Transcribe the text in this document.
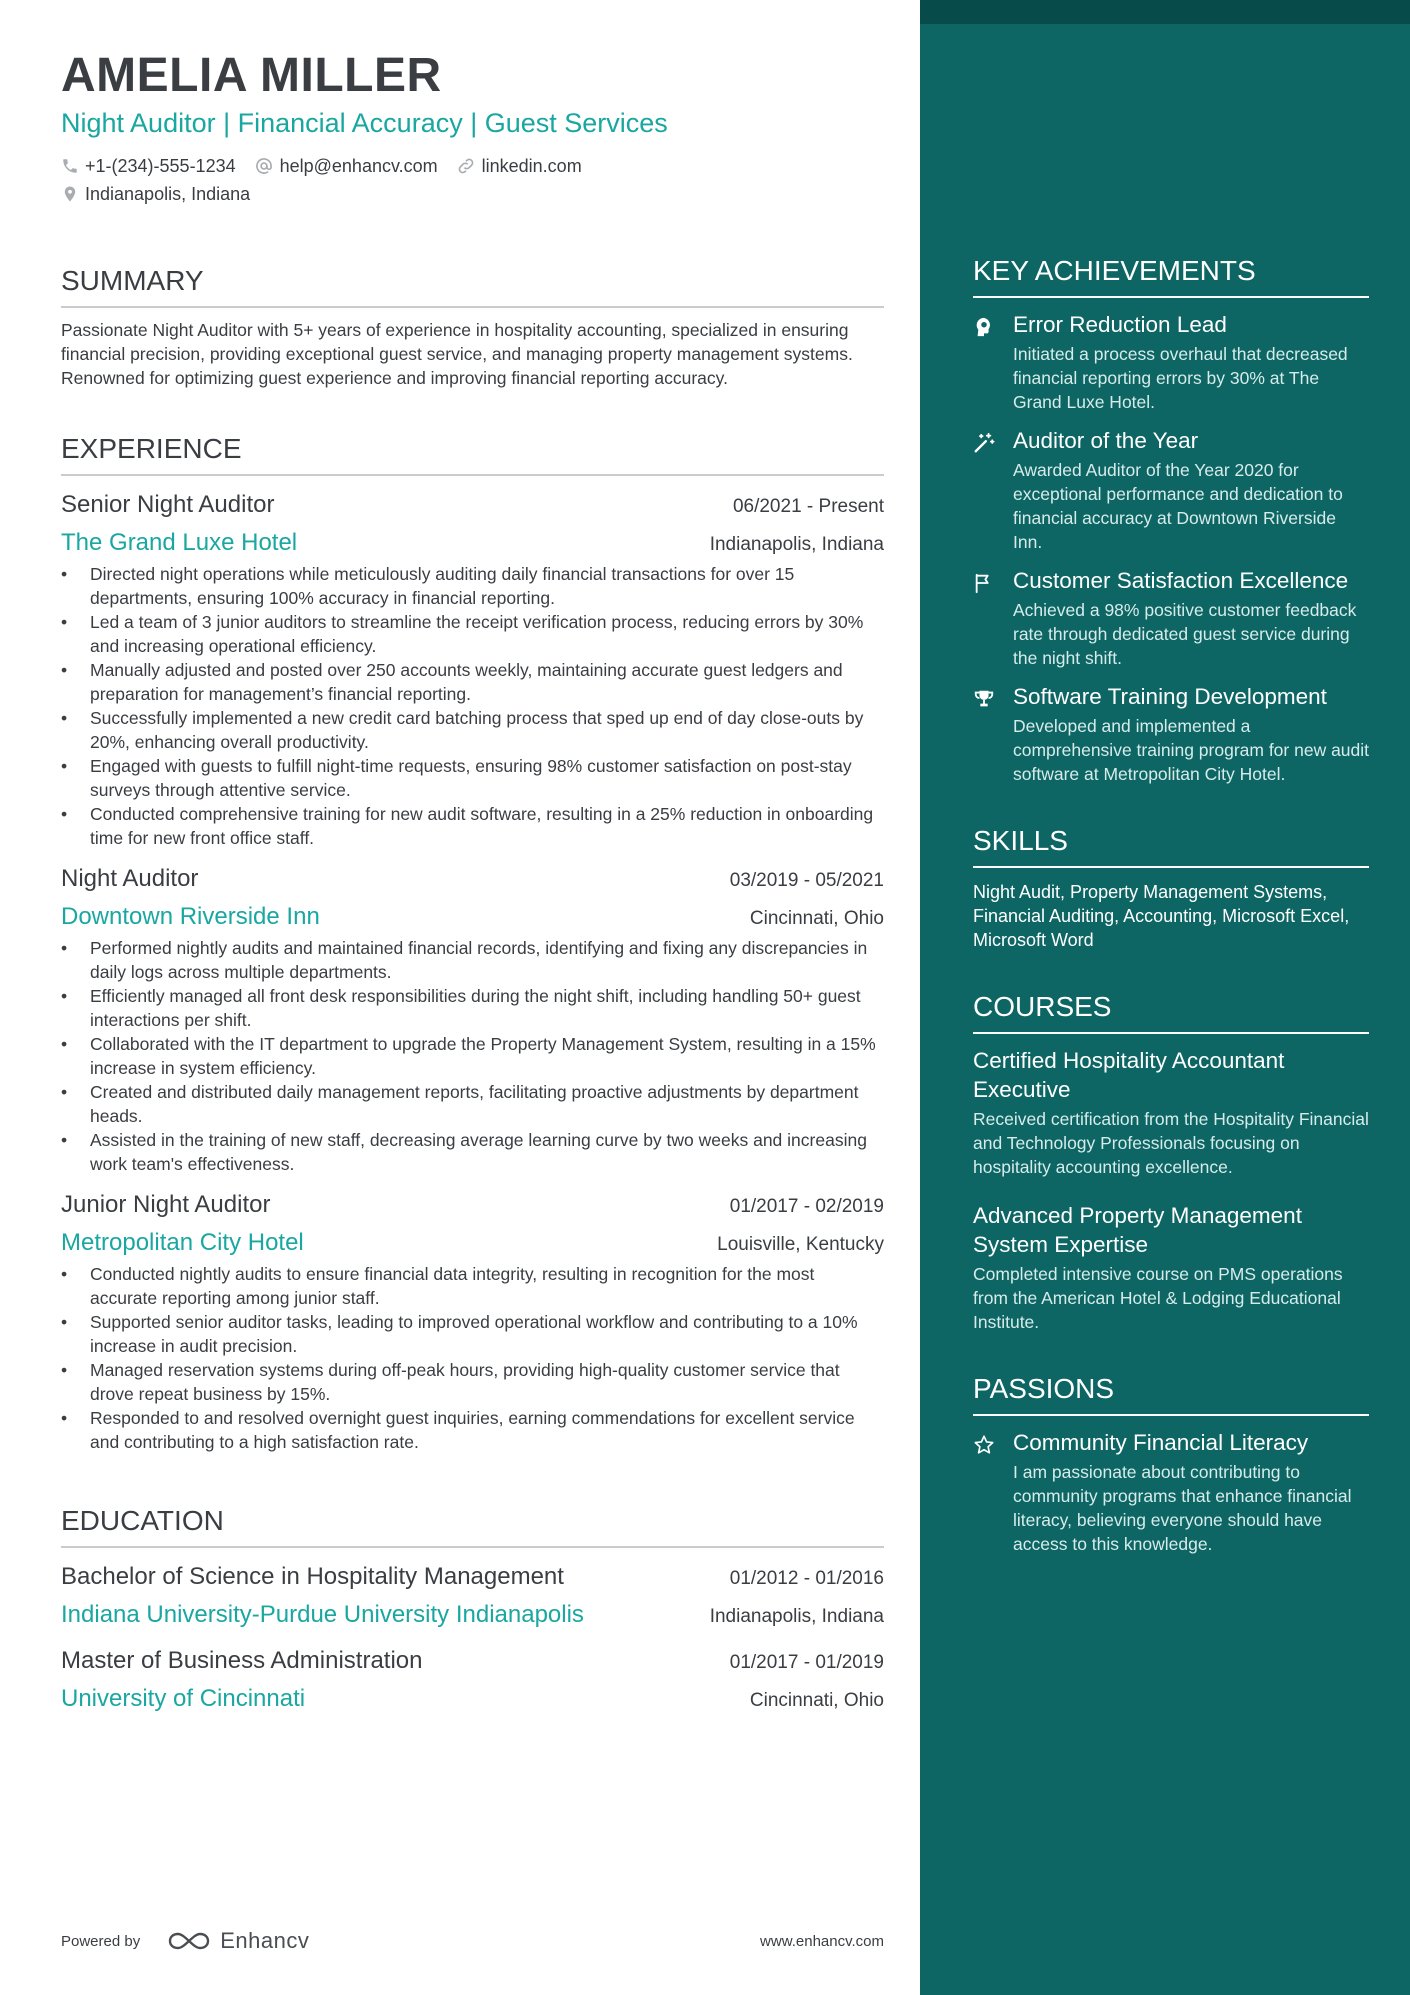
AMELIA MILLER
Night Auditor | Financial Accuracy | Guest Services
+1-(234)-555-1234 help@enhancv.com linkedin.com
Indianapolis, Indiana
SUMMARY
Passionate Night Auditor with 5+ years of experience in hospitality accounting, specialized in ensuring financial precision, providing exceptional guest service, and managing property management systems. Renowned for optimizing guest experience and improving financial reporting accuracy.
EXPERIENCE
Senior Night Auditor	06/2021 - Present
The Grand Luxe Hotel	Indianapolis, Indiana
• Directed night operations while meticulously auditing daily financial transactions for over 15 departments, ensuring 100% accuracy in financial reporting.
• Led a team of 3 junior auditors to streamline the receipt verification process, reducing errors by 30% and increasing operational efficiency.
• Manually adjusted and posted over 250 accounts weekly, maintaining accurate guest ledgers and preparation for management’s financial reporting.
• Successfully implemented a new credit card batching process that sped up end of day close-outs by 20%, enhancing overall productivity.
• Engaged with guests to fulfill night-time requests, ensuring 98% customer satisfaction on post-stay surveys through attentive service.
• Conducted comprehensive training for new audit software, resulting in a 25% reduction in onboarding time for new front office staff.
Night Auditor	03/2019 - 05/2021
Downtown Riverside Inn	Cincinnati, Ohio
• Performed nightly audits and maintained financial records, identifying and fixing any discrepancies in daily logs across multiple departments.
• Efficiently managed all front desk responsibilities during the night shift, including handling 50+ guest interactions per shift.
• Collaborated with the IT department to upgrade the Property Management System, resulting in a 15% increase in system efficiency.
• Created and distributed daily management reports, facilitating proactive adjustments by department heads.
• Assisted in the training of new staff, decreasing average learning curve by two weeks and increasing work team's effectiveness.
Junior Night Auditor	01/2017 - 02/2019
Metropolitan City Hotel	Louisville, Kentucky
• Conducted nightly audits to ensure financial data integrity, resulting in recognition for the most accurate reporting among junior staff.
• Supported senior auditor tasks, leading to improved operational workflow and contributing to a 10% increase in audit precision.
• Managed reservation systems during off-peak hours, providing high-quality customer service that drove repeat business by 15%.
• Responded to and resolved overnight guest inquiries, earning commendations for excellent service and contributing to a high satisfaction rate.
EDUCATION
Bachelor of Science in Hospitality Management	01/2012 - 01/2016
Indiana University-Purdue University Indianapolis	Indianapolis, Indiana
Master of Business Administration	01/2017 - 01/2019
University of Cincinnati	Cincinnati, Ohio
Powered by	Enhancv	www.enhancv.com
KEY ACHIEVEMENTS
Error Reduction Lead
Initiated a process overhaul that decreased financial reporting errors by 30% at The Grand Luxe Hotel.
Auditor of the Year
Awarded Auditor of the Year 2020 for exceptional performance and dedication to financial accuracy at Downtown Riverside Inn.
Customer Satisfaction Excellence
Achieved a 98% positive customer feedback rate through dedicated guest service during the night shift.
Software Training Development
Developed and implemented a comprehensive training program for new audit software at Metropolitan City Hotel.
SKILLS
Night Audit, Property Management Systems, Financial Auditing, Accounting, Microsoft Excel, Microsoft Word
COURSES
Certified Hospitality Accountant Executive
Received certification from the Hospitality Financial and Technology Professionals focusing on hospitality accounting excellence.
Advanced Property Management System Expertise
Completed intensive course on PMS operations from the American Hotel & Lodging Educational Institute.
PASSIONS
Community Financial Literacy
I am passionate about contributing to community programs that enhance financial literacy, believing everyone should have access to this knowledge.
